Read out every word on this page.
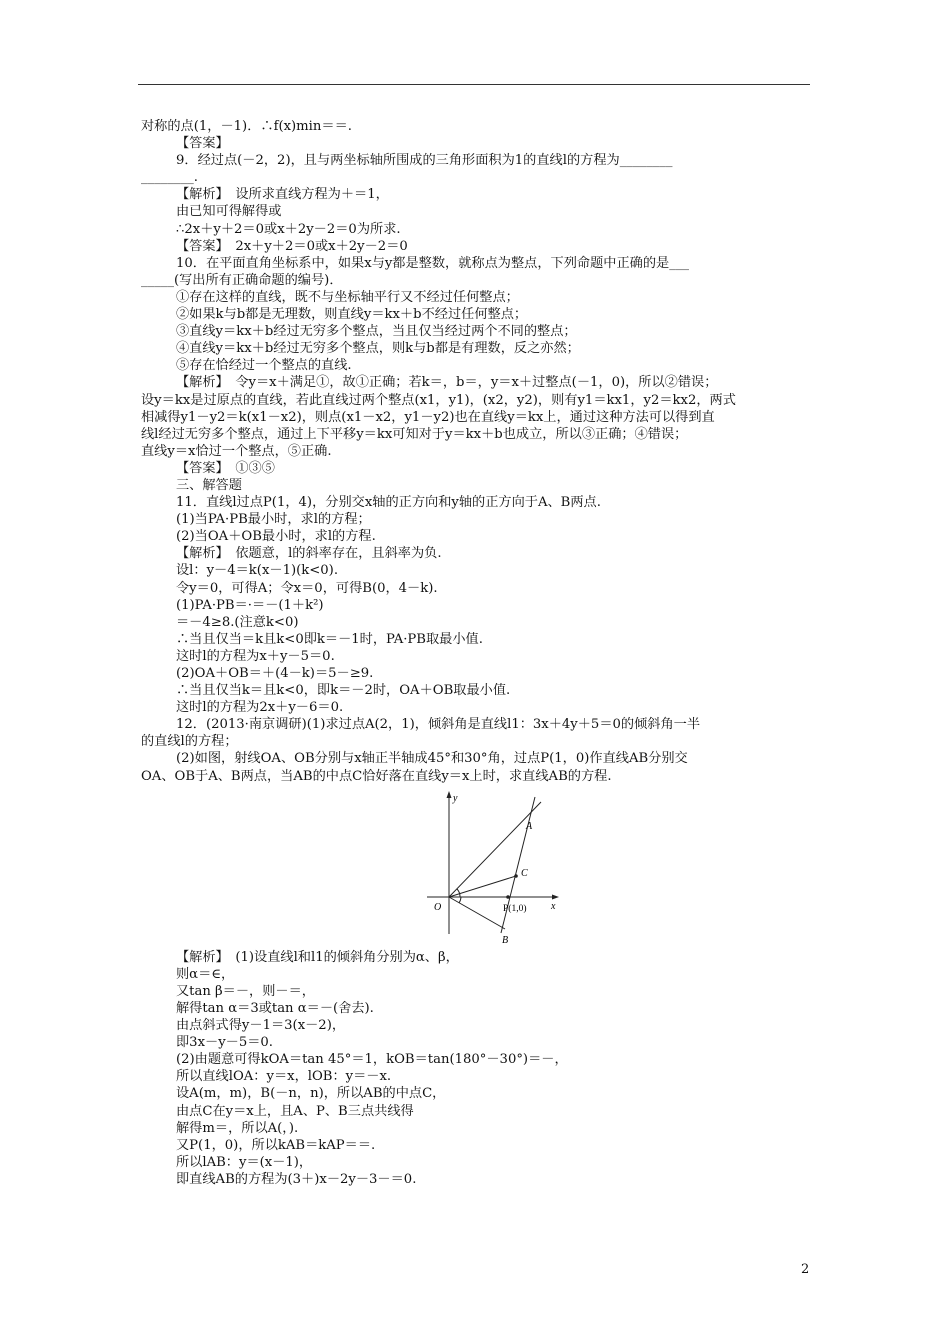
对称的点(1，－1)．∴f(x)min＝＝.
【答案】
9．经过点(－2，2)，且与两坐标轴所围成的三角形面积为1的直线l的方程为________
________.
【解析】　设所求直线方程为＋＝1，
由已知可得解得或
∴2x＋y＋2＝0或x＋2y－2＝0为所求.
【答案】　2x＋y＋2＝0或x＋2y－2＝0
10．在平面直角坐标系中，如果x与y都是整数，就称点为整点，下列命题中正确的是___
_____(写出所有正确命题的编号)．
①存在这样的直线，既不与坐标轴平行又不经过任何整点；
②如果k与b都是无理数，则直线y＝kx＋b不经过任何整点；
③直线y＝kx＋b经过无穷多个整点，当且仅当经过两个不同的整点；
④直线y＝kx＋b经过无穷多个整点，则k与b都是有理数，反之亦然；
⑤存在恰经过一个整点的直线.
【解析】　令y＝x＋满足①，故①正确；若k＝，b＝，y＝x＋过整点(－1，0)，所以②错误；
设y＝kx是过原点的直线，若此直线过两个整点(x1，y1)，(x2，y2)，则有y1＝kx1，y2＝kx2，两式
相减得y1－y2＝k(x1－x2)，则点(x1－x2，y1－y2)也在直线y＝kx上，通过这种方法可以得到直
线l经过无穷多个整点，通过上下平移y＝kx可知对于y＝kx＋b也成立，所以③正确；④错误；
直线y＝x恰过一个整点，⑤正确.
【答案】　①③⑤
三、解答题
11．直线l过点P(1，4)，分别交x轴的正方向和y轴的正方向于A、B两点.
(1)当PA·PB最小时，求l的方程；
(2)当OA＋OB最小时，求l的方程.
【解析】　依题意，l的斜率存在，且斜率为负.
设l：y－4＝k(x－1)(k<0).
令y＝0，可得A；令x＝0，可得B(0，4－k).
(1)PA·PB＝·＝－(1＋k²)
＝－4≥8.(注意k<0)
∴当且仅当＝k且k<0即k＝－1时，PA·PB取最小值.
这时l的方程为x＋y－5＝0.
(2)OA＋OB＝＋(4－k)＝5－≥9.
∴当且仅当k＝且k<0，即k＝－2时，OA＋OB取最小值.
这时l的方程为2x＋y－6＝0.
12．(2013·南京调研)(1)求过点A(2，1)，倾斜角是直线l1：3x＋4y＋5＝0的倾斜角一半
的直线l的方程；
(2)如图，射线OA、OB分别与x轴正半轴成45°和30°角，过点P(1，0)作直线AB分别交
OA、OB于A、B两点，当AB的中点C恰好落在直线y＝x上时，求直线AB的方程.
y
x
A
C
O	P(1,0)
B
【解析】　(1)设直线l和l1的倾斜角分别为α、β，
则α＝∈，
又tan β＝－，则－＝，
解得tan α＝3或tan α＝－(舍去).
由点斜式得y－1＝3(x－2)，
即3x－y－5＝0.
(2)由题意可得kOA＝tan 45°＝1，kOB＝tan(180°－30°)＝－，
所以直线lOA：y＝x，lOB：y＝－x.
设A(m，m)，B(－n，n)，所以AB的中点C，
由点C在y＝x上，且A、P、B三点共线得
解得m＝，所以A(，).
又P(1，0)，所以kAB＝kAP＝＝.
所以lAB：y＝(x－1)，
即直线AB的方程为(3＋)x－2y－3－＝0.
2
